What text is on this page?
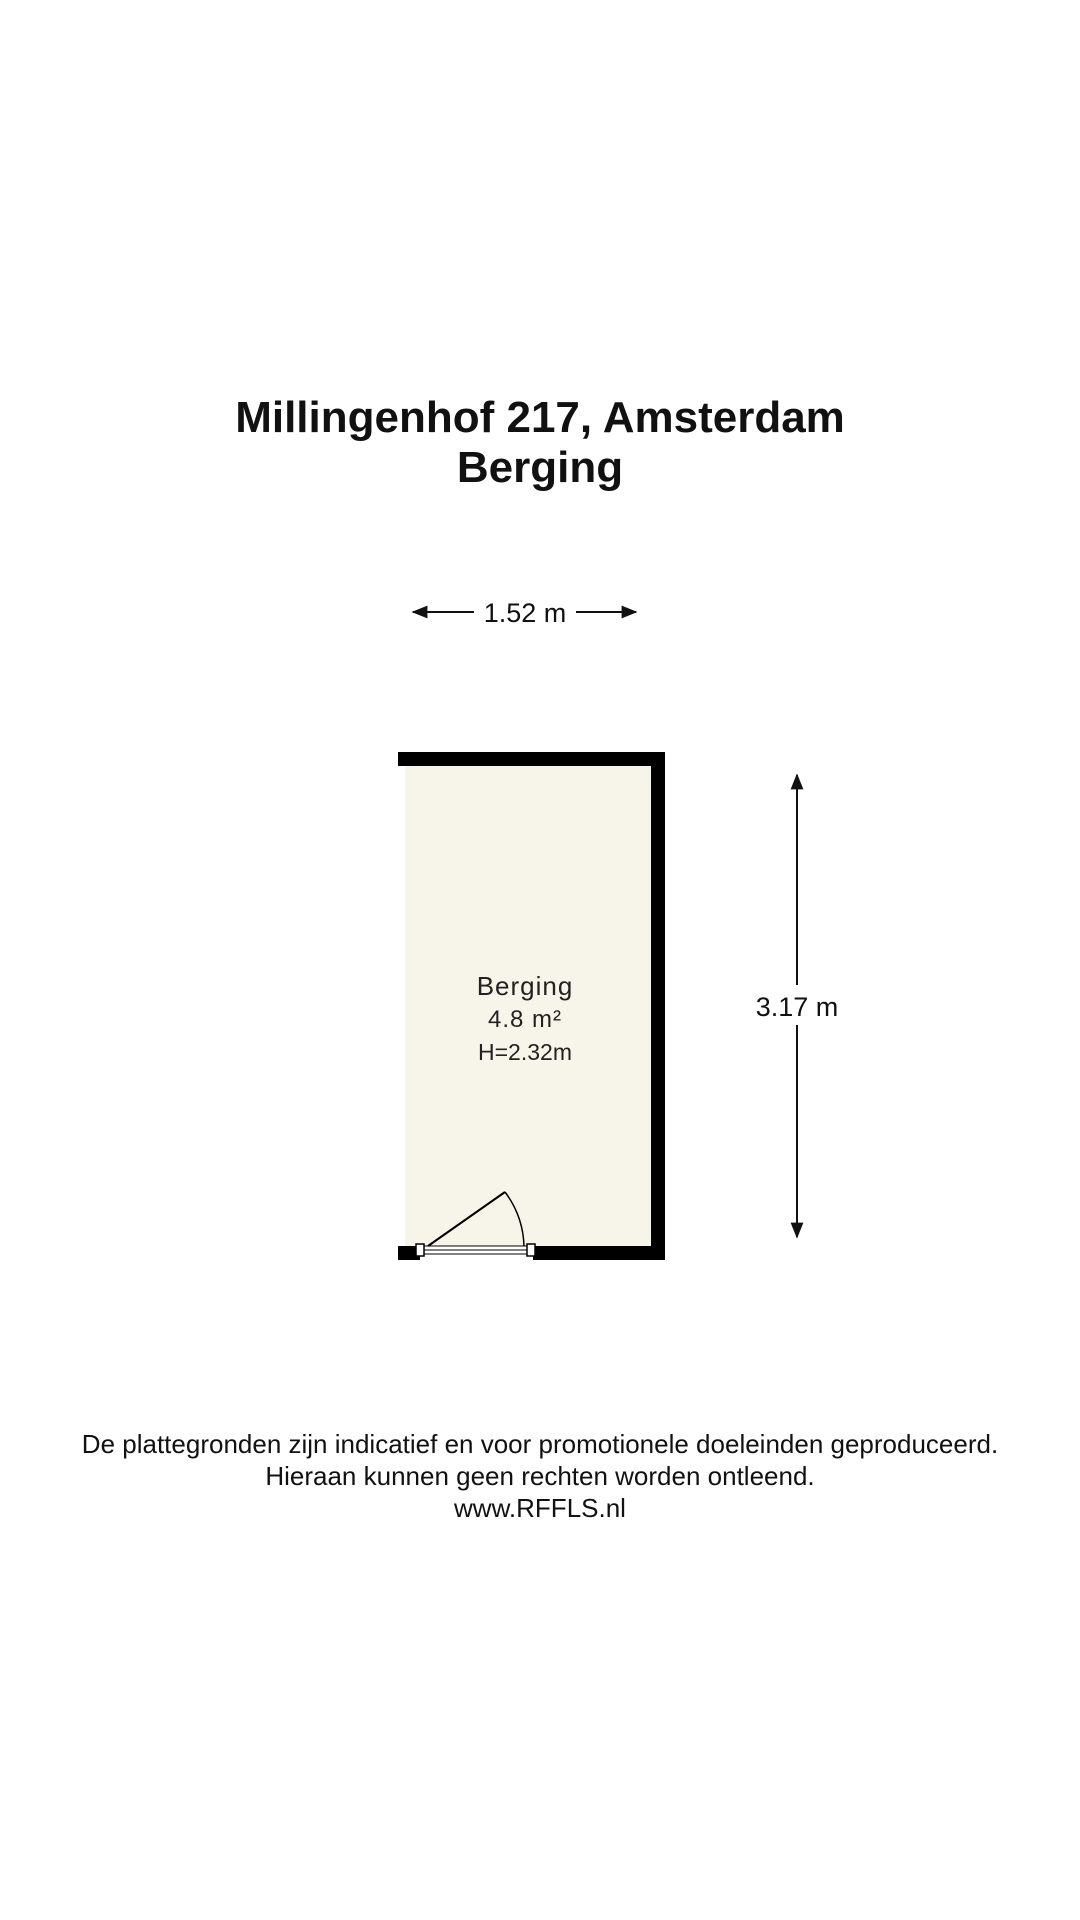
Millingenhof 217, Amsterdam
Berging
1.52 m
3.17 m
Berging
4.8 m²
H=2.32m
De plattegronden zijn indicatief en voor promotionele doeleinden geproduceerd.
Hieraan kunnen geen rechten worden ontleend.
www.RFFLS.nl
